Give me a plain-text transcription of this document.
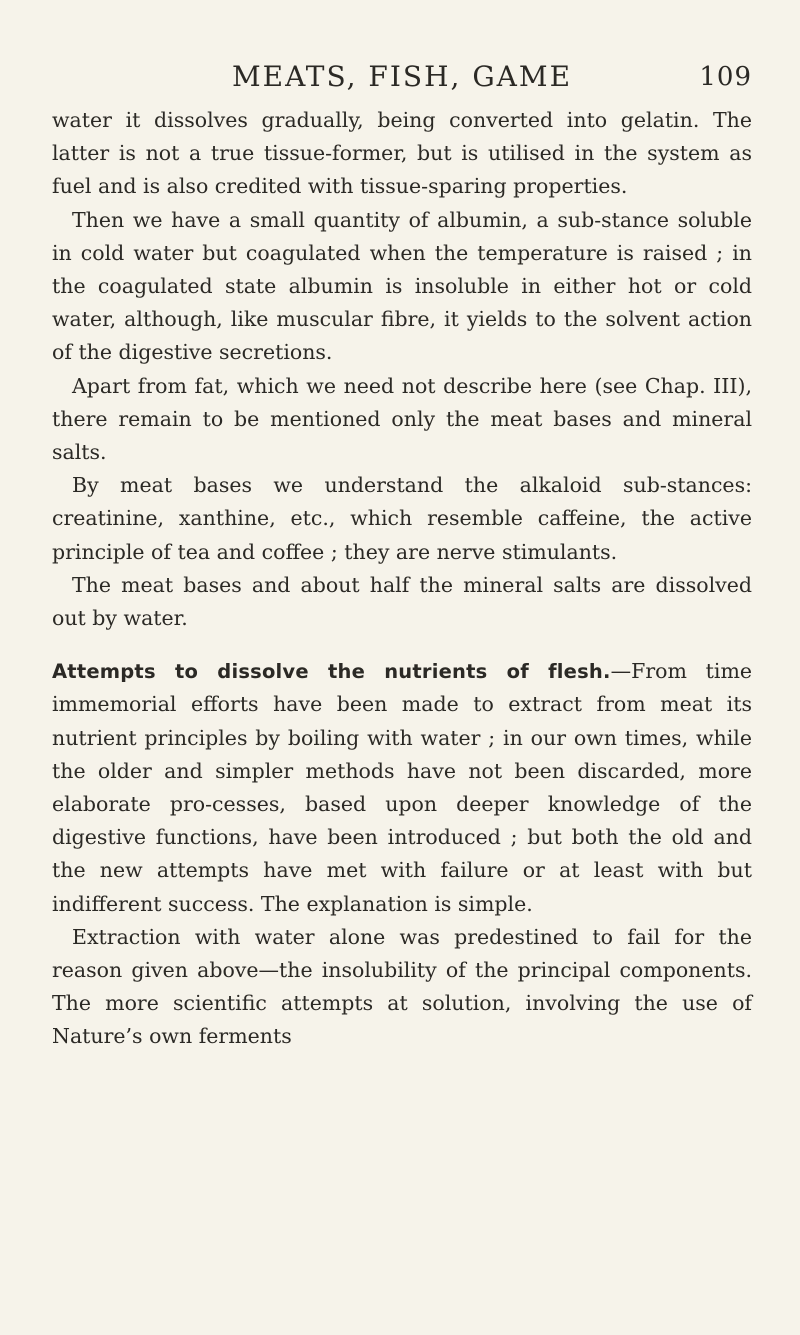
MEATS, FISH, GAME	109

water it dissolves gradually, being converted into gelatin. The latter is not a true tissue-former, but is utilised in the system as fuel and is also credited with tissue-sparing properties.

Then we have a small quantity of albumin, a sub-stance soluble in cold water but coagulated when the temperature is raised ; in the coagulated state albumin is insoluble in either hot or cold water, although, like muscular fibre, it yields to the solvent action of the digestive secretions.

Apart from fat, which we need not describe here (see Chap. III), there remain to be mentioned only the meat bases and mineral salts.

By meat bases we understand the alkaloid sub-stances: creatinine, xanthine, etc., which resemble caffeine, the active principle of tea and coffee ; they are nerve stimulants.

The meat bases and about half the mineral salts are dissolved out by water.

Attempts to dissolve the nutrients of flesh.—From time immemorial efforts have been made to extract from meat its nutrient principles by boiling with water ; in our own times, while the older and simpler methods have not been discarded, more elaborate pro-cesses, based upon deeper knowledge of the digestive functions, have been introduced ; but both the old and the new attempts have met with failure or at least with but indifferent success. The explanation is simple.

Extraction with water alone was predestined to fail for the reason given above—the insolubility of the principal components. The more scientific attempts at solution, involving the use of Nature’s own ferments
